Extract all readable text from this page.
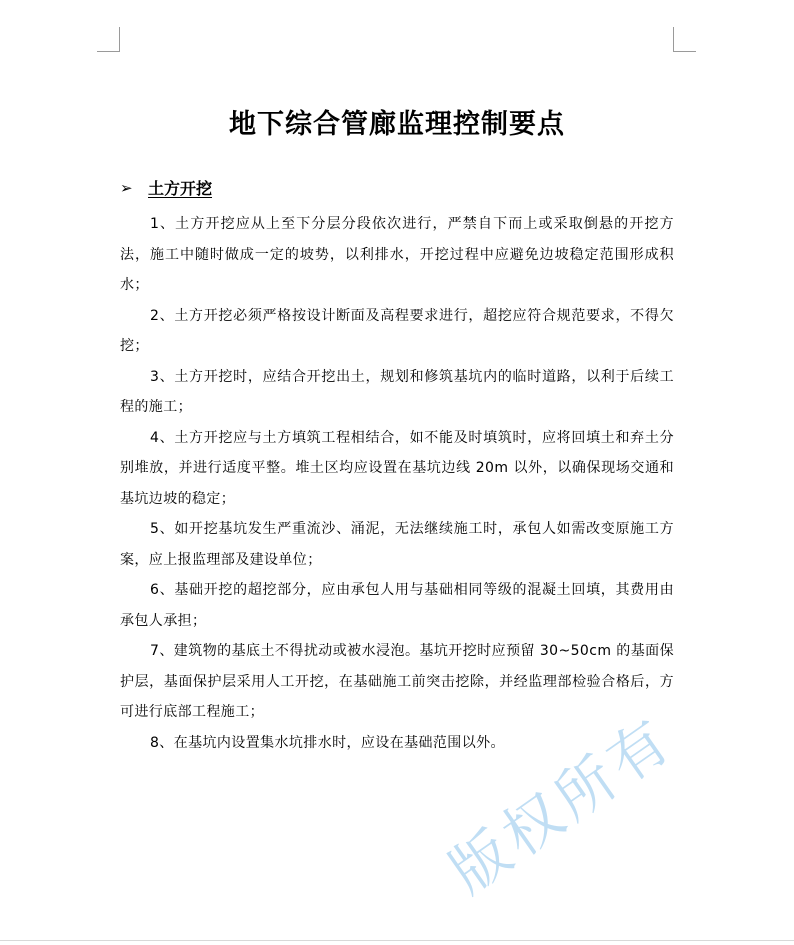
地下综合管廊监理控制要点
➢ 土方开挖

1、土方开挖应从上至下分层分段依次进行，严禁自下而上或采取倒悬的开挖方法，施工中随时做成一定的坡势，以利排水，开挖过程中应避免边坡稳定范围形成积水；

2、土方开挖必须严格按设计断面及高程要求进行，超挖应符合规范要求，不得欠挖；

3、土方开挖时，应结合开挖出土，规划和修筑基坑内的临时道路，以利于后续工程的施工；

4、土方开挖应与土方填筑工程相结合，如不能及时填筑时，应将回填土和弃土分别堆放，并进行适度平整。堆土区均应设置在基坑边线 20m 以外，以确保现场交通和基坑边坡的稳定；

5、如开挖基坑发生严重流沙、涌泥，无法继续施工时，承包人如需改变原施工方案，应上报监理部及建设单位；

6、基础开挖的超挖部分，应由承包人用与基础相同等级的混凝土回填，其费用由承包人承担；

7、建筑物的基底土不得扰动或被水浸泡。基坑开挖时应预留 30~50cm 的基面保护层，基面保护层采用人工开挖，在基础施工前突击挖除，并经监理部检验合格后，方可进行底部工程施工；

8、在基坑内设置集水坑排水时，应设在基础范围以外。

版权所有
